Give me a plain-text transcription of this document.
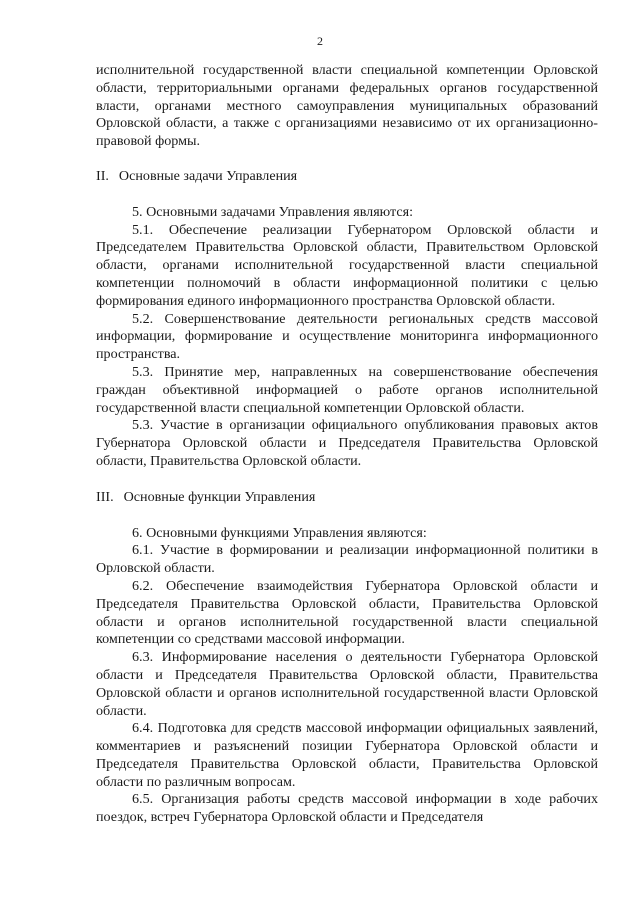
2

исполнительной государственной власти специальной компетенции Орловской области, территориальными органами федеральных органов государственной власти, органами местного самоуправления муниципальных образований Орловской области, а также с организациями независимо от их организационно-правовой формы.

II. Основные задачи Управления

5. Основными задачами Управления являются:

5.1. Обеспечение реализации Губернатором Орловской области и Председателем Правительства Орловской области, Правительством Орловской области, органами исполнительной государственной власти специальной компетенции полномочий в области информационной политики с целью формирования единого информационного пространства Орловской области.

5.2. Совершенствование деятельности региональных средств массовой информации, формирование и осуществление мониторинга информационного пространства.

5.3. Принятие мер, направленных на совершенствование обеспечения граждан объективной информацией о работе органов исполнительной государственной власти специальной компетенции Орловской области.

5.3. Участие в организации официального опубликования правовых актов Губернатора Орловской области и Председателя Правительства Орловской области, Правительства Орловской области.

III. Основные функции Управления

6. Основными функциями Управления являются:

6.1. Участие в формировании и реализации информационной политики в Орловской области.

6.2. Обеспечение взаимодействия Губернатора Орловской области и Председателя Правительства Орловской области, Правительства Орловской области и органов исполнительной государственной власти специальной компетенции со средствами массовой информации.

6.3. Информирование населения о деятельности Губернатора Орловской области и Председателя Правительства Орловской области, Правительства Орловской области и органов исполнительной государственной власти Орловской области.

6.4. Подготовка для средств массовой информации официальных заявлений, комментариев и разъяснений позиции Губернатора Орловской области и Председателя Правительства Орловской области, Правительства Орловской области по различным вопросам.

6.5. Организация работы средств массовой информации в ходе рабочих поездок, встреч Губернатора Орловской области и Председателя
